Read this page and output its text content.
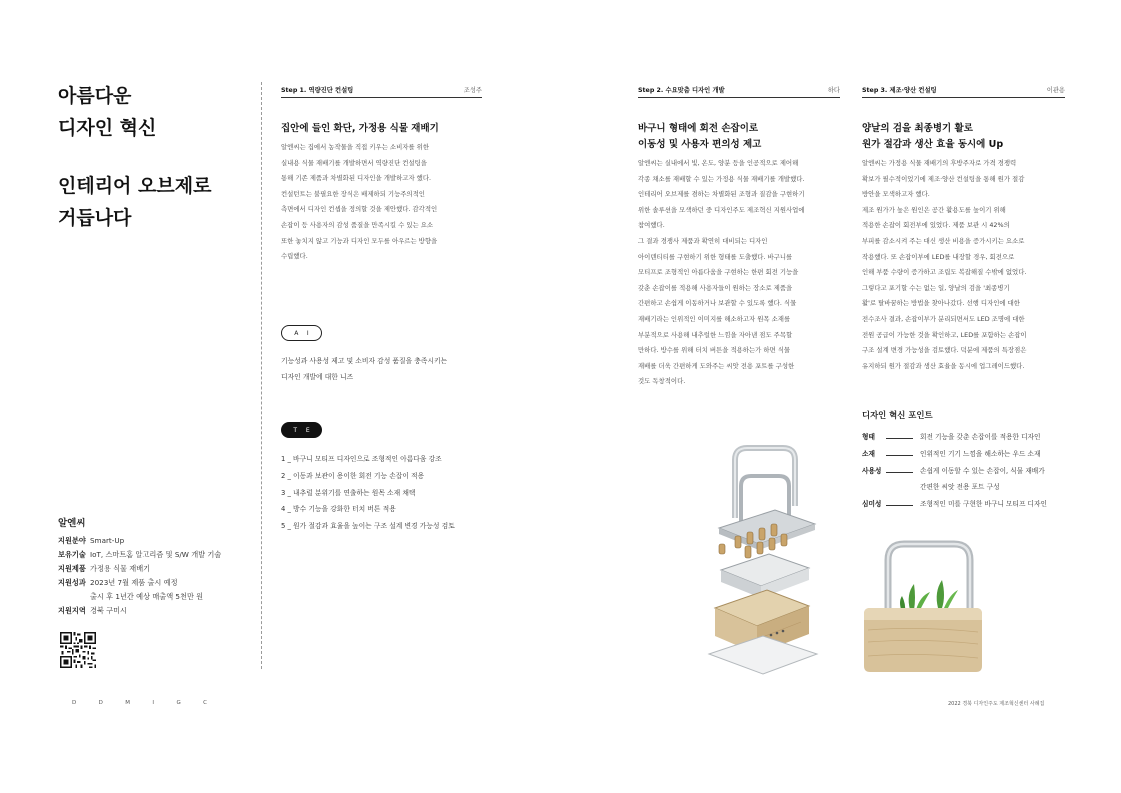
아름다운
디자인 혁신
인테리어 오브제로
거듭나다
알엔씨
지원분야 Smart-Up
보유기술 IoT, 스마트홈 알고리즘 및 S/W 개발 기술
지원제품 가정용 식물 재배기
지원성과 2023년 7월 제품 출시 예정
출시 후 1년간 예상 매출액 5천만 원
지원지역 경북 구미시
Step 1. 역량진단 컨설팅	조성주
집안에 들인 화단, 가정용 식물 재배기
알엔씨는 집에서 농작물을 직접 키우는 소비자를 위한
실내용 식물 재배기를 개발하면서 역량진단 컨설팅을
통해 기존 제품과 차별화된 디자인을 개발하고자 했다.
컨설턴트는 불필요한 장식은 배제하되 기능주의적인
측면에서 디자인 컨셉을 정의할 것을 제안했다. 감각적인
손잡이 등 사용자의 감성 품질을 만족시킬 수 있는 요소
또한 놓치지 않고 기능과 디자인 모두를 아우르는 방향을
수립했다.
A I
기능성과 사용성 제고 및 소비자 감성 품질을 충족시키는
디자인 개발에 대한 니즈
T E
1 _ 바구니 모티프 디자인으로 조형적인 아름다움 강조
2 _ 이동과 보관이 용이한 회전 기능 손잡이 적용
3 _ 내추럴 분위기를 연출하는 원목 소재 채택
4 _ 방수 기능을 강화한 터치 버튼 적용
5 _ 원가 절감과 효율을 높이는 구조 설계 변경 가능성 검토
Step 2. 수요맞춤 디자인 개발	하다
바구니 형태에 회전 손잡이로
이동성 및 사용자 편의성 제고
알엔씨는 실내에서 빛, 온도, 양분 등을 인공적으로 제어해
각종 채소를 재배할 수 있는 가정용 식물 재배기를 개발했다.
인테리어 오브제를 겸하는 차별화된 조형과 질감을 구현하기
위한 솔루션을 모색하던 중 디자인주도 제조혁신 지원사업에
참여했다.
그 결과 경쟁사 제품과 확연히 대비되는 디자인
아이덴티티를 구현하기 위한 형태를 도출했다. 바구니를
모티프로 조형적인 아름다움을 구현하는 한편 회전 기능을
갖춘 손잡이를 적용해 사용자들이 원하는 장소로 제품을
간편하고 손쉽게 이동하거나 보관할 수 있도록 했다. 식물
재배기라는 인위적인 이미지를 해소하고자 원목 소재를
부분적으로 사용해 내추럴한 느낌을 자아낸 점도 주목할
만하다. 방수를 위해 터치 버튼을 적용하는가 하면 식물
재배를 더욱 간편하게 도와주는 씨앗 전용 포트를 구성한
것도 독창적이다.
Step 3. 제조·양산 컨설팅	이관용
양날의 검을 최종병기 활로
원가 절감과 생산 효율 동시에 Up
알엔씨는 가정용 식물 재배기의 후방주자로 가격 경쟁력
확보가 필수적이었기에 제조·양산 컨설팅을 통해 원가 절감
방안을 모색하고자 했다.
제조 원가가 높은 원인은 공간 활용도를 높이기 위해
적용한 손잡이 회전부에 있었다. 제품 보관 시 42%의
부피를 감소시켜 주는 대신 생산 비용을 증가시키는 요소로
작용했다. 또 손잡이부에 LED를 내장할 경우, 회전으로
인해 부품 수량이 증가하고 조립도 복잡해질 수밖에 없었다.
그렇다고 포기할 수는 없는 일, 양날의 검을 '최종병기
활'로 탈바꿈하는 방법을 찾아나갔다. 선행 디자인에 대한
전수조사 결과, 손잡이부가 분리되면서도 LED 조명에 대한
전원 공급이 가능한 것을 확인하고, LED를 포함하는 손잡이
구조 설계 변경 가능성을 검토했다. 덕분에 제품의 특장점은
유지하되 원가 절감과 생산 효율을 동시에 업그레이드했다.
디자인 혁신 포인트
형태	회전 기능을 갖춘 손잡이를 적용한 디자인
소재	인위적인 기기 느낌을 해소하는 우드 소재
사용성	손쉽게 이동할 수 있는 손잡이, 식물 재배가
간편한 씨앗 전용 포트 구성
심미성	조형적인 미를 구현한 바구니 모티프 디자인
D	D	M	I	G	C	2022 경북 디자인주도 제조혁신센터 사례집
